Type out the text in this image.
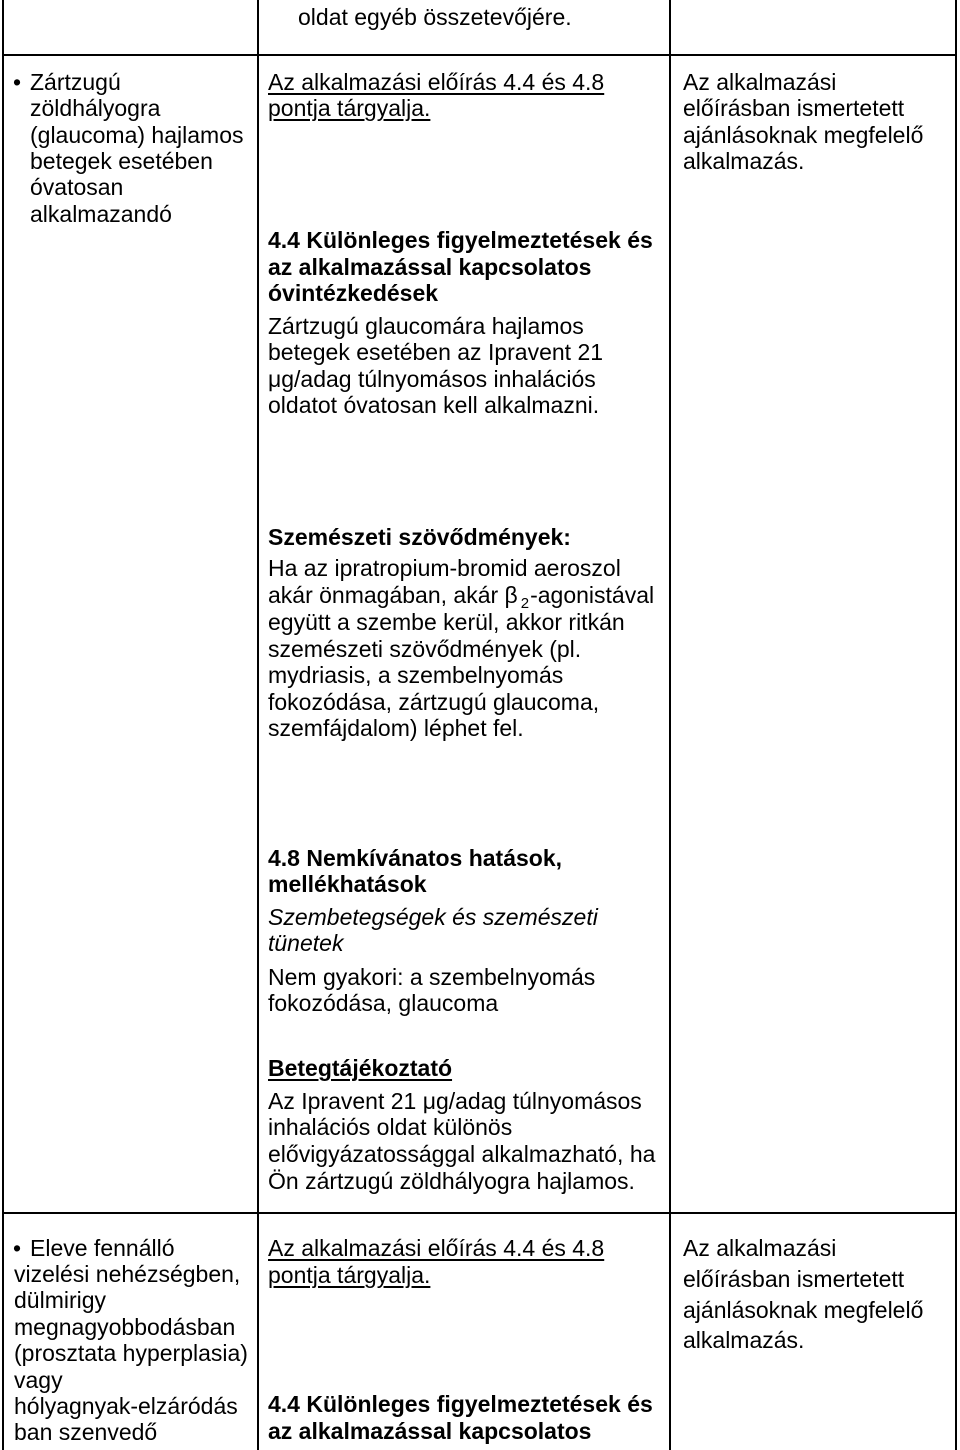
oldat egyéb összetevőjére.
• Zártzugú
zöldhályogra
(glaucoma) hajlamos
betegek esetében
óvatosan
alkalmazandó
Az alkalmazási előírás 4.4 és 4.8
pontja tárgyalja.
4.4 Különleges figyelmeztetések és
az alkalmazással kapcsolatos
óvintézkedések
Zártzugú glaucomára hajlamos
betegek esetében az Ipravent 21
μg/adag túlnyomásos inhalációs
oldatot óvatosan kell alkalmazni.
Szemészeti szövődmények:
Ha az ipratropium-bromid aeroszol
akár önmagában, akár β $_2$-agonistával
együtt a szembe kerül, akkor ritkán
szemészeti szövődmények (pl.
mydriasis, a szembelnyomás
fokozódása, zártzugú glaucoma,
szemfájdalom) léphet fel.
4.8 Nemkívánatos hatások,
mellékhatások
Szembetegségek és szemészeti
tünetek
Nem gyakori: a szembelnyomás
fokozódása, glaucoma
Betegtájékoztató
Az Ipravent 21 μg/adag túlnyomásos
inhalációs oldat különös
elővigyázatossággal alkalmazható, ha
Ön zártzugú zöldhályogra hajlamos.
Az alkalmazási
előírásban ismertetett
ajánlásoknak megfelelő
alkalmazás.
• Eleve fennálló
vizelési nehézségben,
dülmirigy
megnagyobbodásban
(prosztata hyperplasia)
vagy
hólyagnyak-elzáródás
ban szenvedő
Az alkalmazási előírás 4.4 és 4.8
pontja tárgyalja.
4.4 Különleges figyelmeztetések és
az alkalmazással kapcsolatos
Az alkalmazási
előírásban ismertetett
ajánlásoknak megfelelő
alkalmazás.
